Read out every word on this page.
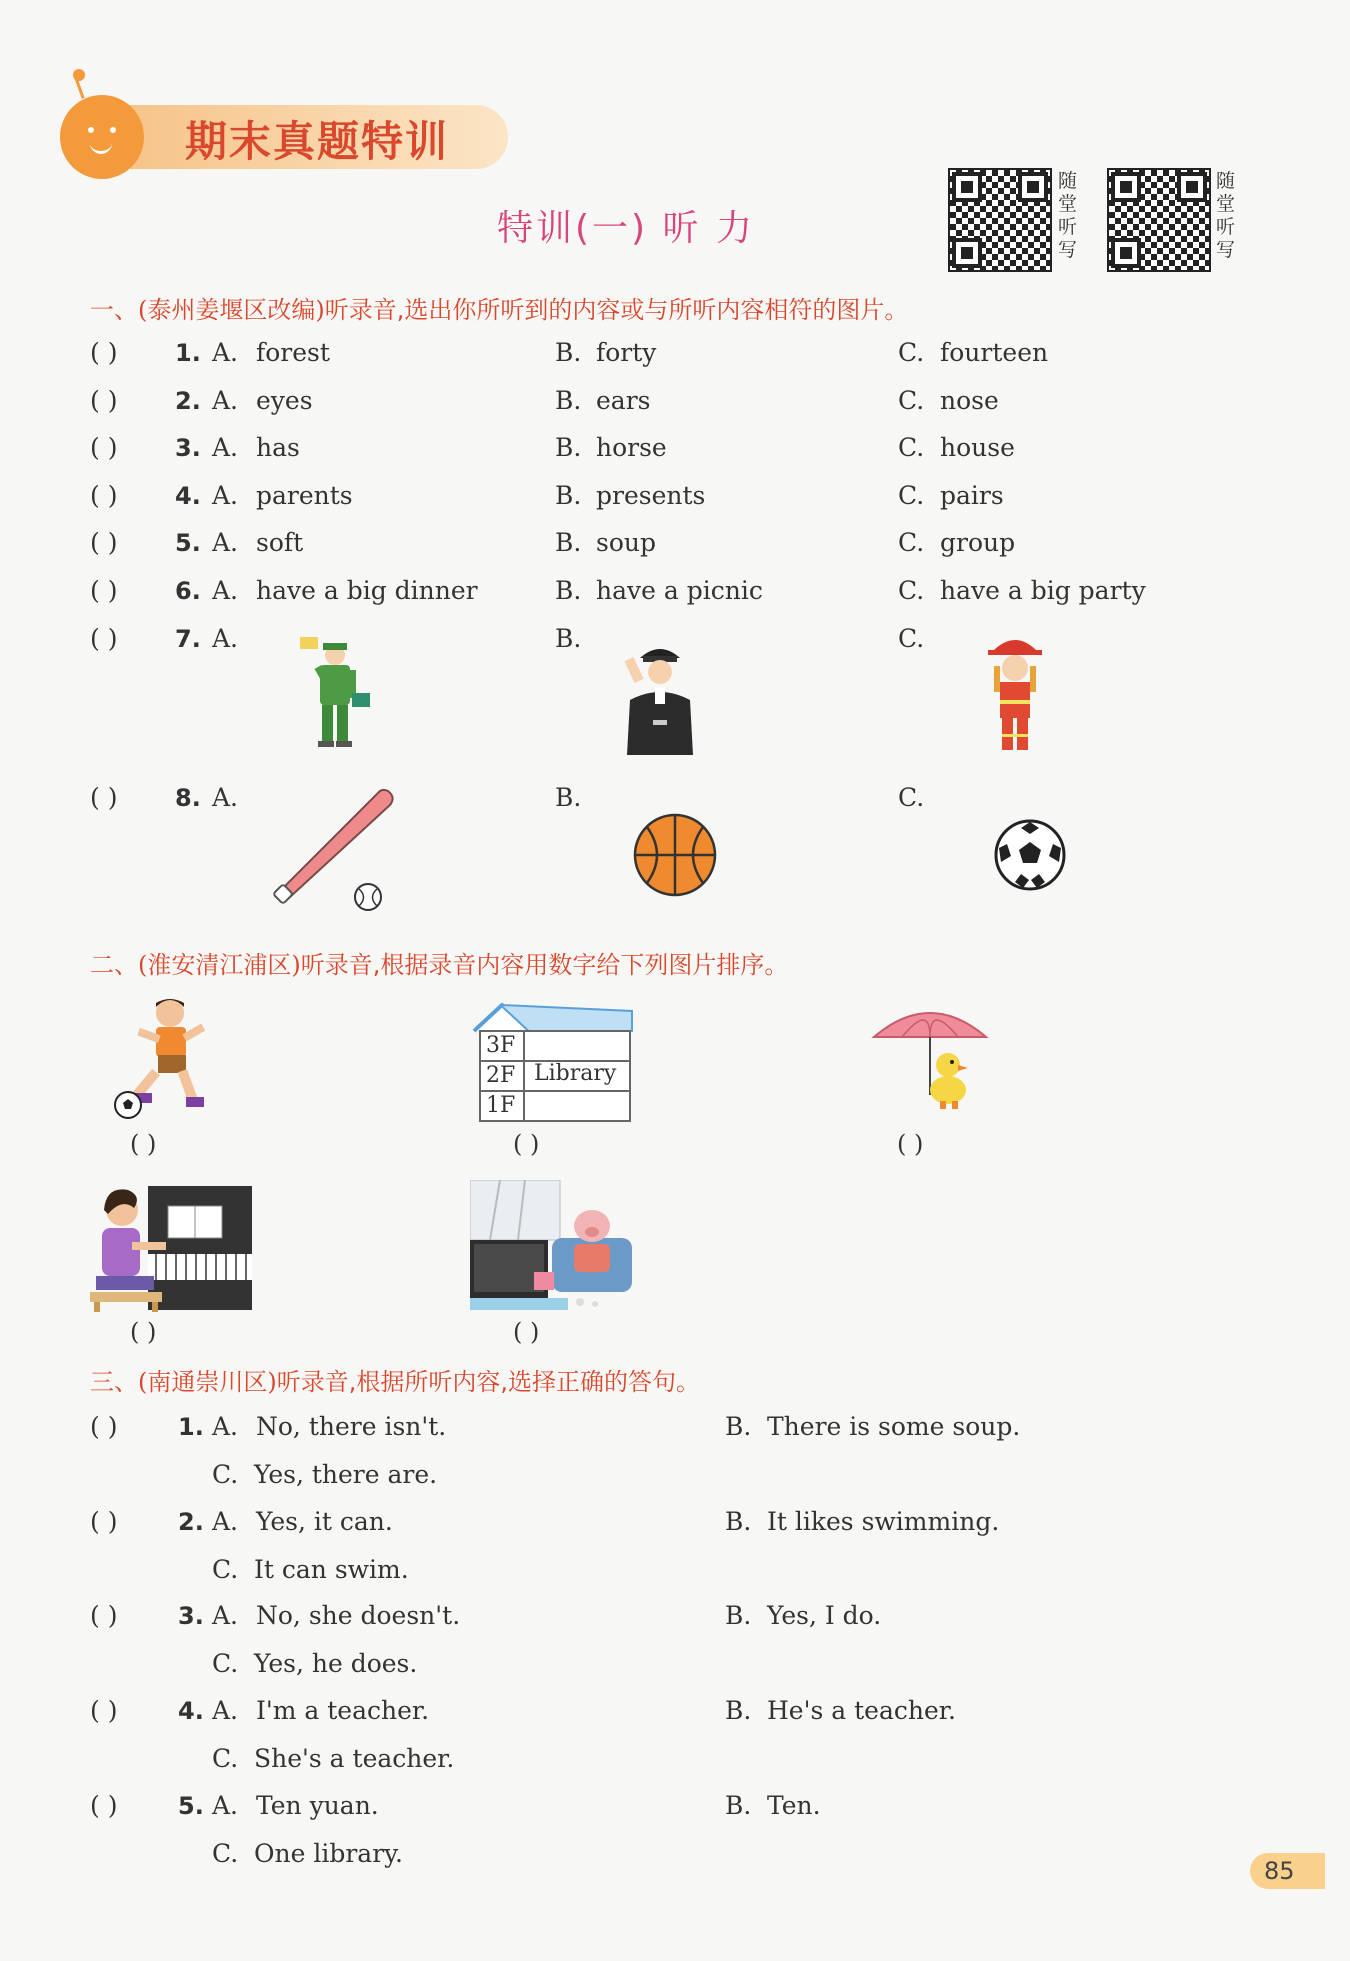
期末真题特训
特训(一) 听 力
随堂听写
随堂听写
一、(泰州姜堰区改编)听录音,选出你所听到的内容或与所听内容相符的图片。
( ) 1. A. forest	B. forty	C. fourteen
( ) 2. A. eyes	B. ears	C. nose
( ) 3. A. has	B. horse	C. house
( ) 4. A. parents	B. presents	C. pairs
( ) 5. A. soft	B. soup	C. group
( ) 6. A. have a big dinner	B. have a picnic	C. have a big party
( ) 7. A.	B.	C.
( ) 8. A.	B.	C.
二、(淮安清江浦区)听录音,根据录音内容用数字给下列图片排序。
3F
2F
1F
Library
( )	( )	( )
( )	( )
三、(南通崇川区)听录音,根据所听内容,选择正确的答句。
( )	1. A. No, there isn't.	B. There is some soup.
C. Yes, there are.
( )	2. A. Yes, it can.	B. It likes swimming.
C. It can swim.
( )	3. A. No, she doesn't.	B. Yes, I do.
C. Yes, he does.
( )	4. A. I'm a teacher.	B. He's a teacher.
C. She's a teacher.
( )	5. A. Ten yuan.	B. Ten.
C. One library.
85
